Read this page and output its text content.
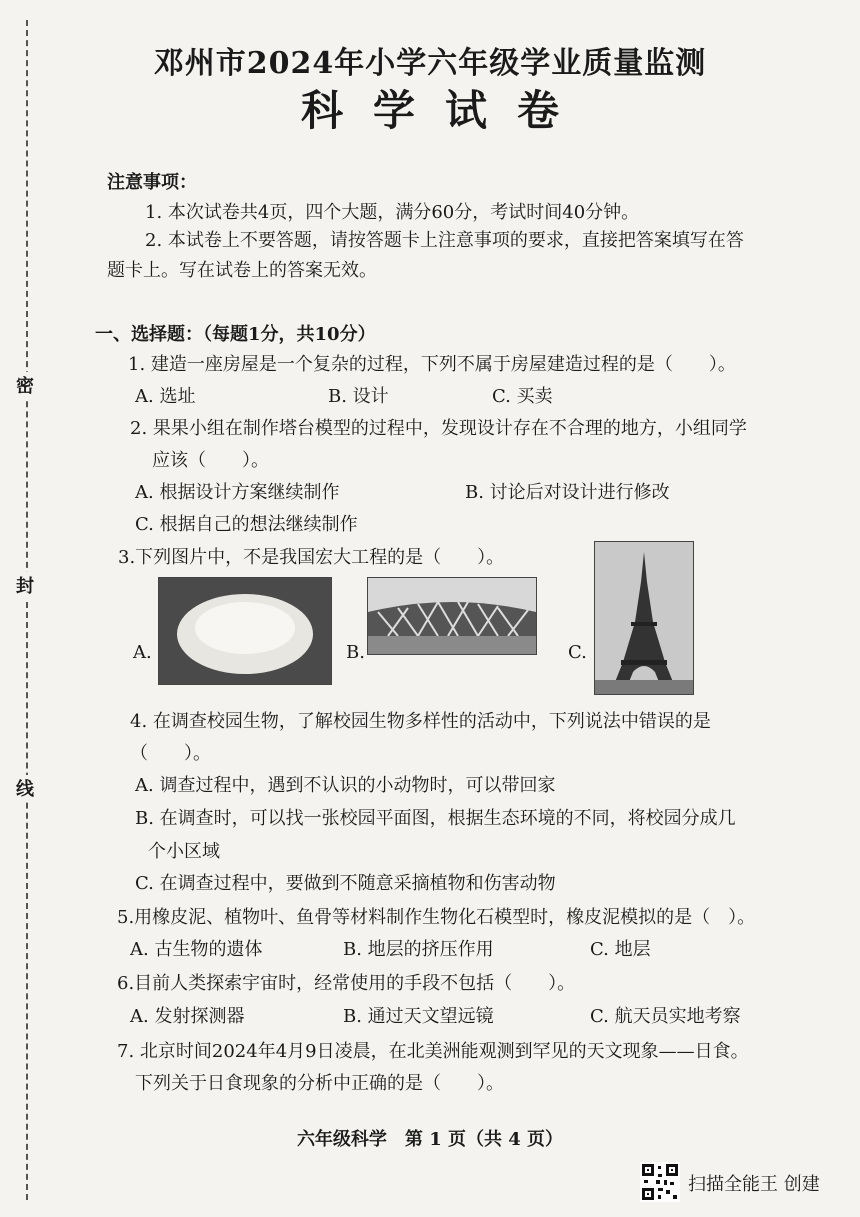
密
封
线
邓州市2024年小学六年级学业质量监测
科学试卷
注意事项：
1. 本次试卷共4页，四个大题，满分60分，考试时间40分钟。
2. 本试卷上不要答题，请按答题卡上注意事项的要求，直接把答案填写在答
题卡上。写在试卷上的答案无效。
一、选择题：（每题1分，共10分）
1. 建造一座房屋是一个复杂的过程，下列不属于房屋建造过程的是（　　）。
A. 选址	B. 设计	C. 买卖
2. 果果小组在制作塔台模型的过程中，发现设计存在不合理的地方，小组同学
应该（　　）。
A. 根据设计方案继续制作	B. 讨论后对设计进行修改
C. 根据自己的想法继续制作
3.下列图片中，不是我国宏大工程的是（　　）。
A.	B.	C.
4. 在调查校园生物，了解校园生物多样性的活动中，下列说法中错误的是
（　　）。
A. 调查过程中，遇到不认识的小动物时，可以带回家
B. 在调查时，可以找一张校园平面图，根据生态环境的不同，将校园分成几
个小区域
C. 在调查过程中，要做到不随意采摘植物和伤害动物
5.用橡皮泥、植物叶、鱼骨等材料制作生物化石模型时，橡皮泥模拟的是（　）。
A. 古生物的遗体	B. 地层的挤压作用	C. 地层
6.目前人类探索宇宙时，经常使用的手段不包括（　　）。
A. 发射探测器	B. 通过天文望远镜	C. 航天员实地考察
7. 北京时间2024年4月9日凌晨，在北美洲能观测到罕见的天文现象——日食。
下列关于日食现象的分析中正确的是（　　）。
六年级科学　第 1 页（共 4 页）
扫描全能王 创建
